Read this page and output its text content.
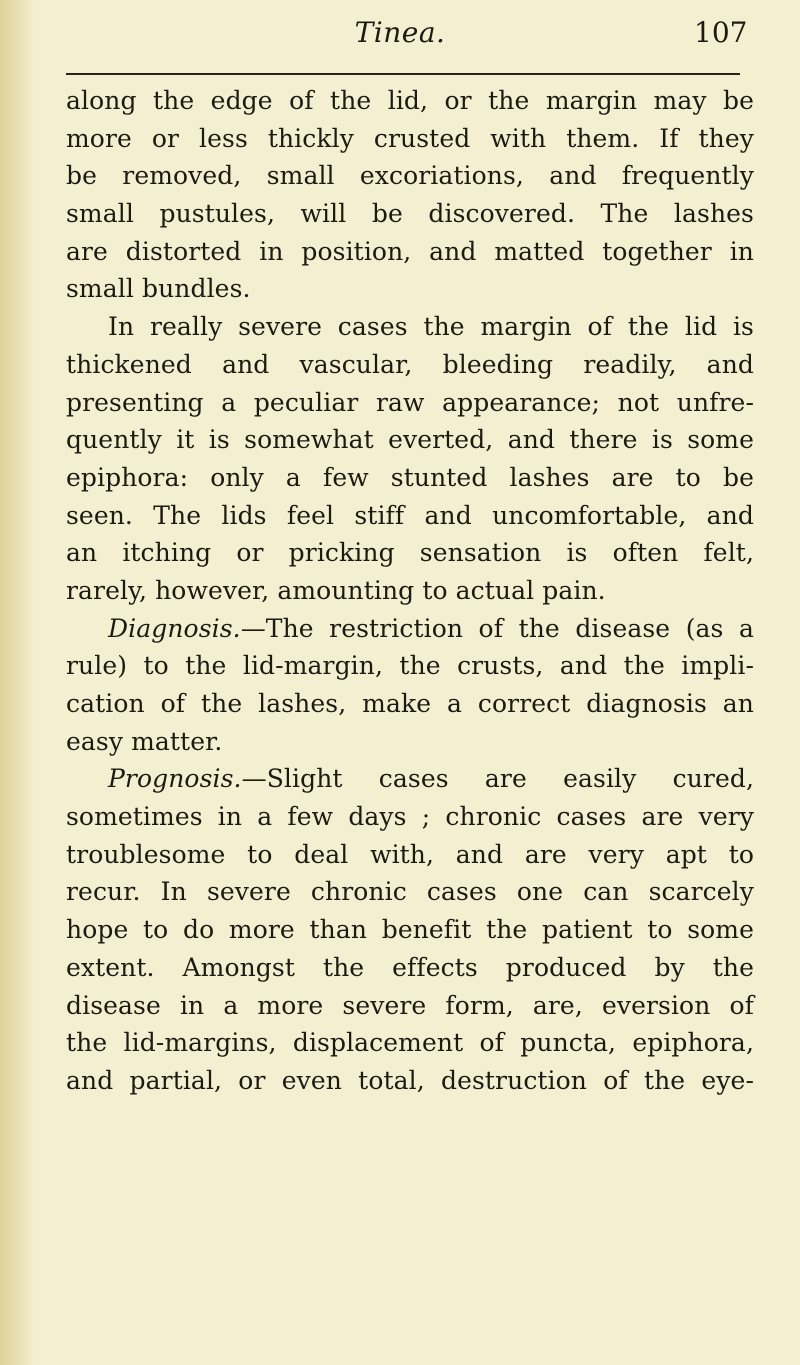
Tinea.	107
along the edge of the lid, or the margin may be
more or less thickly crusted with them. If they
be removed, small excoriations, and frequently
small pustules, will be discovered. The lashes
are distorted in position, and matted together in
small bundles.
In really severe cases the margin of the lid is
thickened and vascular, bleeding readily, and
presenting a peculiar raw appearance; not unfre-
quently it is somewhat everted, and there is some
epiphora: only a few stunted lashes are to be
seen. The lids feel stiff and uncomfortable, and
an itching or pricking sensation is often felt,
rarely, however, amounting to actual pain.
Diagnosis.—The restriction of the disease (as a
rule) to the lid-margin, the crusts, and the impli-
cation of the lashes, make a correct diagnosis an
easy matter.
Prognosis.—Slight cases are easily cured,
sometimes in a few days ; chronic cases are very
troublesome to deal with, and are very apt to
recur. In severe chronic cases one can scarcely
hope to do more than benefit the patient to some
extent. Amongst the effects produced by the
disease in a more severe form, are, eversion of
the lid-margins, displacement of puncta, epiphora,
and partial, or even total, destruction of the eye-
